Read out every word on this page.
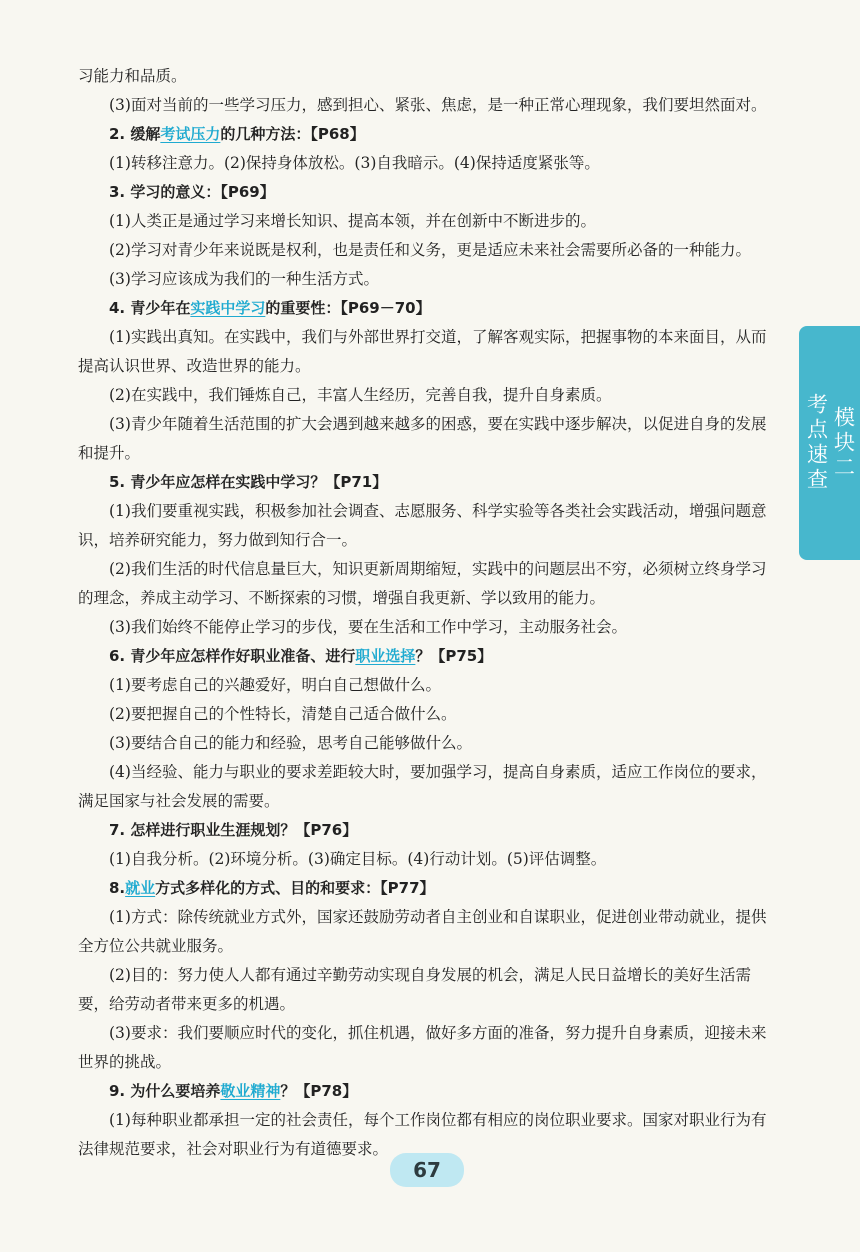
习能力和品质。

(3)面对当前的一些学习压力，感到担心、紧张、焦虑，是一种正常心理现象，我们要坦然面对。

2. 缓解考试压力的几种方法：【P68】

(1)转移注意力。(2)保持身体放松。(3)自我暗示。(4)保持适度紧张等。

3. 学习的意义：【P69】

(1)人类正是通过学习来增长知识、提高本领，并在创新中不断进步的。

(2)学习对青少年来说既是权利，也是责任和义务，更是适应未来社会需要所必备的一种能力。

(3)学习应该成为我们的一种生活方式。

4. 青少年在实践中学习的重要性：【P69－70】

(1)实践出真知。在实践中，我们与外部世界打交道，了解客观实际，把握事物的本来面目，从而提高认识世界、改造世界的能力。

(2)在实践中，我们锤炼自己，丰富人生经历，完善自我，提升自身素质。

(3)青少年随着生活范围的扩大会遇到越来越多的困惑，要在实践中逐步解决，以促进自身的发展和提升。

5. 青少年应怎样在实践中学习？【P71】

(1)我们要重视实践，积极参加社会调查、志愿服务、科学实验等各类社会实践活动，增强问题意识，培养研究能力，努力做到知行合一。

(2)我们生活的时代信息量巨大，知识更新周期缩短，实践中的问题层出不穷，必须树立终身学习的理念，养成主动学习、不断探索的习惯，增强自我更新、学以致用的能力。

(3)我们始终不能停止学习的步伐，要在生活和工作中学习，主动服务社会。

6. 青少年应怎样作好职业准备、进行职业选择？【P75】

(1)要考虑自己的兴趣爱好，明白自己想做什么。

(2)要把握自己的个性特长，清楚自己适合做什么。

(3)要结合自己的能力和经验，思考自己能够做什么。

(4)当经验、能力与职业的要求差距较大时，要加强学习，提高自身素质，适应工作岗位的要求，满足国家与社会发展的需要。

7. 怎样进行职业生涯规划？【P76】

(1)自我分析。(2)环境分析。(3)确定目标。(4)行动计划。(5)评估调整。

8.就业方式多样化的方式、目的和要求：【P77】

(1)方式：除传统就业方式外，国家还鼓励劳动者自主创业和自谋职业，促进创业带动就业，提供全方位公共就业服务。

(2)目的：努力使人人都有通过辛勤劳动实现自身发展的机会，满足人民日益增长的美好生活需要，给劳动者带来更多的机遇。

(3)要求：我们要顺应时代的变化，抓住机遇，做好多方面的准备，努力提升自身素质，迎接未来世界的挑战。

9. 为什么要培养敬业精神？【P78】

(1)每种职业都承担一定的社会责任，每个工作岗位都有相应的岗位职业要求。国家对职业行为有法律规范要求，社会对职业行为有道德要求。

模块二
考点速查
67
